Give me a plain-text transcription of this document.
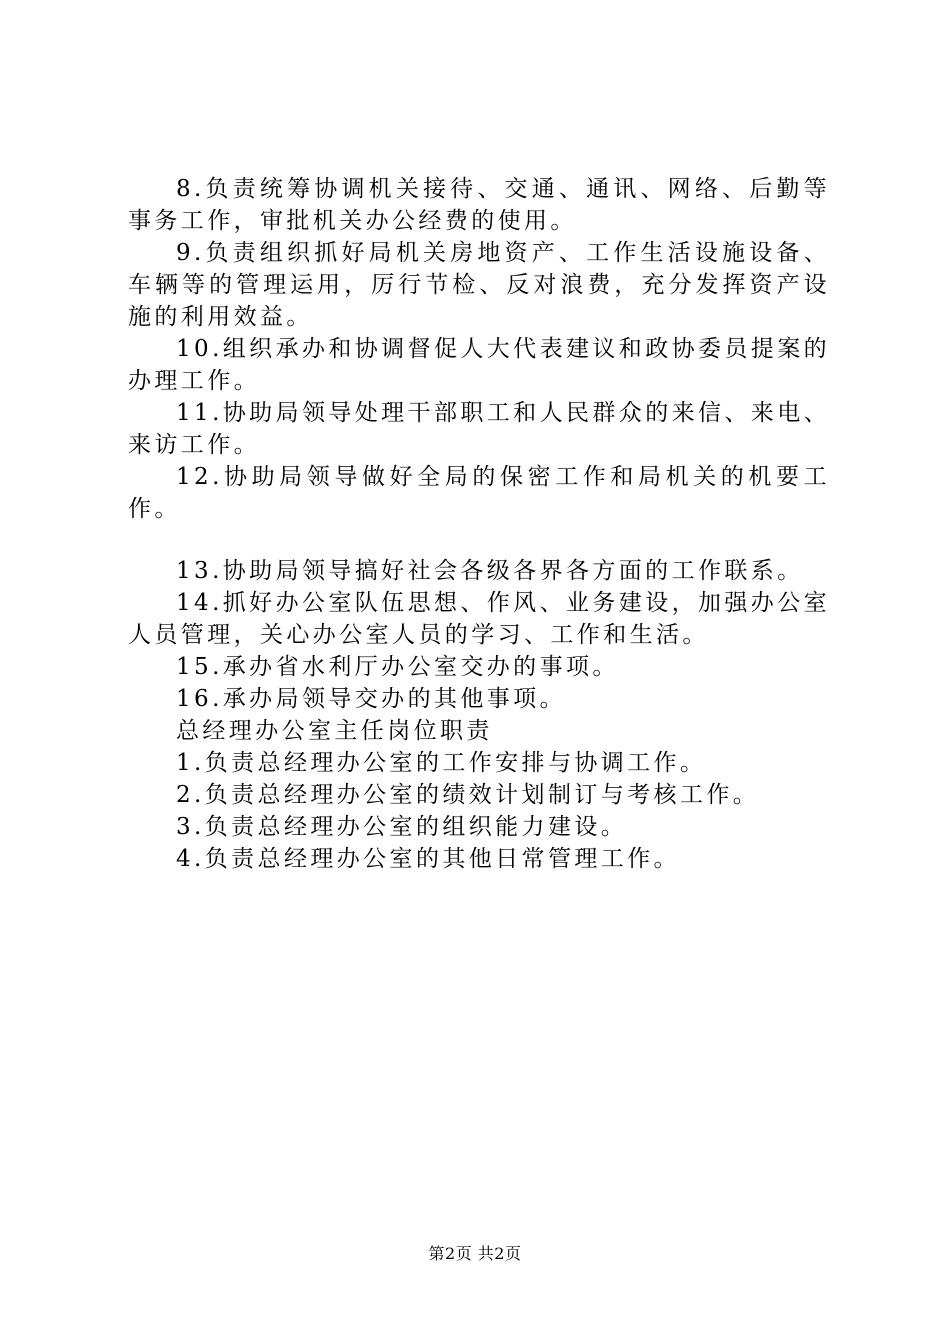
8.负责统筹协调机关接待、交通、通讯、网络、后勤等事务工作，审批机关办公经费的使用。

9.负责组织抓好局机关房地资产、工作生活设施设备、车辆等的管理运用，厉行节检、反对浪费，充分发挥资产设施的利用效益。

10.组织承办和协调督促人大代表建议和政协委员提案的办理工作。

11.协助局领导处理干部职工和人民群众的来信、来电、来访工作。

12.协助局领导做好全局的保密工作和局机关的机要工作。

13.协助局领导搞好社会各级各界各方面的工作联系。

14.抓好办公室队伍思想、作风、业务建设，加强办公室人员管理，关心办公室人员的学习、工作和生活。

15.承办省水利厅办公室交办的事项。

16.承办局领导交办的其他事项。

总经理办公室主任岗位职责

1.负责总经理办公室的工作安排与协调工作。

2.负责总经理办公室的绩效计划制订与考核工作。

3.负责总经理办公室的组织能力建设。

4.负责总经理办公室的其他日常管理工作。

第2页 共2页
